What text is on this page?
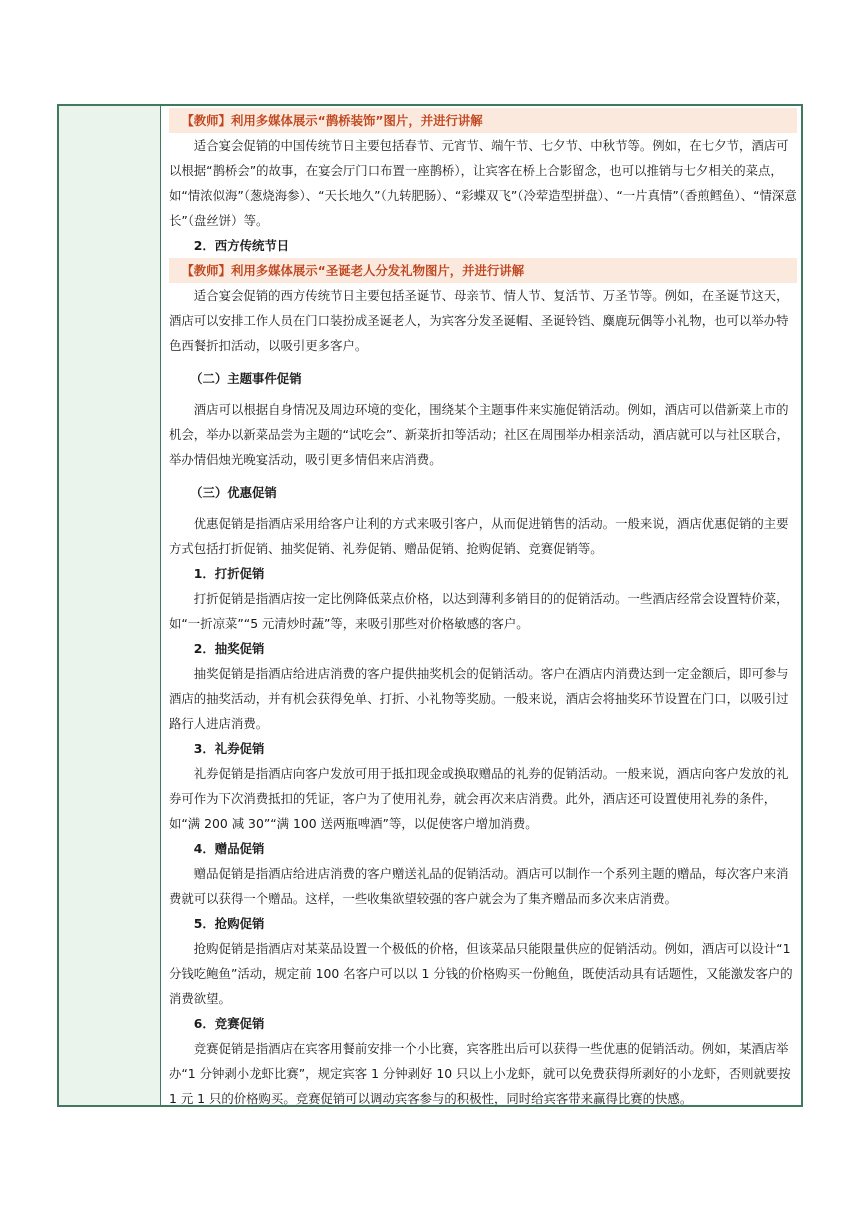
【教师】利用多媒体展示“鹊桥装饰”图片，并进行讲解

适合宴会促销的中国传统节日主要包括春节、元宵节、端午节、七夕节、中秋节等。例如，在七夕节，酒店可以根据“鹊桥会”的故事，在宴会厅门口布置一座鹊桥），让宾客在桥上合影留念，也可以推销与七夕相关的菜点，如“情浓似海”（葱烧海参）、“天长地久”（九转肥肠）、“彩蝶双飞”（冷荤造型拼盘）、“一片真情”（香煎鳕鱼）、“情深意长”（盘丝饼）等。

2．西方传统节日

【教师】利用多媒体展示“圣诞老人分发礼物图片，并进行讲解

适合宴会促销的西方传统节日主要包括圣诞节、母亲节、情人节、复活节、万圣节等。例如，在圣诞节这天，酒店可以安排工作人员在门口装扮成圣诞老人，为宾客分发圣诞帽、圣诞铃铛、麋鹿玩偶等小礼物，也可以举办特色西餐折扣活动，以吸引更多客户。

（二）主题事件促销

酒店可以根据自身情况及周边环境的变化，围绕某个主题事件来实施促销活动。例如，酒店可以借新菜上市的机会，举办以新菜品尝为主题的“试吃会”、新菜折扣等活动；社区在周围举办相亲活动，酒店就可以与社区联合，举办情侣烛光晚宴活动，吸引更多情侣来店消费。

（三）优惠促销

优惠促销是指酒店采用给客户让利的方式来吸引客户，从而促进销售的活动。一般来说，酒店优惠促销的主要方式包括打折促销、抽奖促销、礼券促销、赠品促销、抢购促销、竞赛促销等。

1．打折促销

打折促销是指酒店按一定比例降低菜点价格，以达到薄利多销目的的促销活动。一些酒店经常会设置特价菜，如“一折凉菜”“5 元清炒时蔬”等，来吸引那些对价格敏感的客户。

2．抽奖促销

抽奖促销是指酒店给进店消费的客户提供抽奖机会的促销活动。客户在酒店内消费达到一定金额后，即可参与酒店的抽奖活动，并有机会获得免单、打折、小礼物等奖励。一般来说，酒店会将抽奖环节设置在门口，以吸引过路行人进店消费。

3．礼券促销

礼券促销是指酒店向客户发放可用于抵扣现金或换取赠品的礼券的促销活动。一般来说，酒店向客户发放的礼券可作为下次消费抵扣的凭证，客户为了使用礼券，就会再次来店消费。此外，酒店还可设置使用礼券的条件，如“满 200 减 30”“满 100 送两瓶啤酒”等，以促使客户增加消费。

4．赠品促销

赠品促销是指酒店给进店消费的客户赠送礼品的促销活动。酒店可以制作一个系列主题的赠品，每次客户来消费就可以获得一个赠品。这样，一些收集欲望较强的客户就会为了集齐赠品而多次来店消费。

5．抢购促销

抢购促销是指酒店对某菜品设置一个极低的价格，但该菜品只能限量供应的促销活动。例如，酒店可以设计“1 分钱吃鲍鱼”活动，规定前 100 名客户可以以 1 分钱的价格购买一份鲍鱼，既使活动具有话题性，又能激发客户的消费欲望。

6．竞赛促销

竞赛促销是指酒店在宾客用餐前安排一个小比赛，宾客胜出后可以获得一些优惠的促销活动。例如，某酒店举办“1 分钟剥小龙虾比赛”，规定宾客 1 分钟剥好 10 只以上小龙虾，就可以免费获得所剥好的小龙虾，否则就要按 1 元 1 只的价格购买。竞赛促销可以调动宾客参与的积极性，同时给宾客带来赢得比赛的快感。
